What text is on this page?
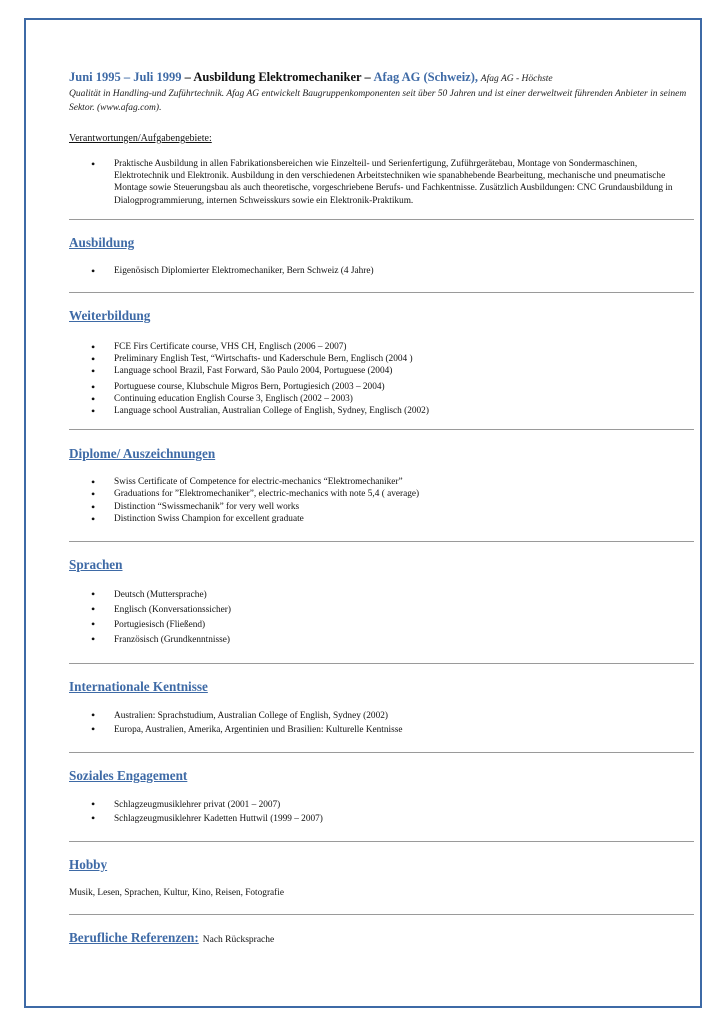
Juni 1995 – Juli 1999 – Ausbildung Elektromechaniker – Afag AG (Schweiz), Afag AG - Höchste

Qualität in Handling-und Zuführtechnik. Afag AG entwickelt Baugruppenkomponenten seit über 50 Jahren und ist einer derweltweit führenden Anbieter in seinem Sektor. (www.afag.com).
Verantwortungen/Aufgabengebiete:
• Praktische Ausbildung in allen Fabrikationsbereichen wie Einzelteil- und Serienfertigung, Zuführgerätebau, Montage von Sondermaschinen, Elektrotechnik und Elektronik. Ausbildung in den verschiedenen Arbeitstechniken wie spanabhebende Bearbeitung, mechanische und pneumatische Montage sowie Steuerungsbau als auch theoretische, vorgeschriebene Berufs- und Fachkentnisse. Zusätzlich Ausbildungen: CNC Grundausbildung in Dialogprogrammierung, internen Schweisskurs sowie ein Elektronik-Praktikum.

Ausbildung

• Eigenösisch Diplomierter Elektromechaniker, Bern Schweiz (4 Jahre)

Weiterbildung

• FCE Firs Certificate course, VHS CH, Englisch (2006 – 2007)
• Preliminary English Test, “Wirtschafts- und Kaderschule Bern, Englisch (2004 )
• Language school Brazil, Fast Forward, São Paulo 2004, Portuguese (2004)
• Portuguese course, Klubschule Migros Bern, Portugiesich (2003 – 2004)
• Continuing education English Course 3, Englisch (2002 – 2003)
• Language school Australian, Australian College of English, Sydney, Englisch (2002)

Diplome/ Auszeichnungen

• Swiss Certificate of Competence for electric-mechanics “Elektromechaniker”
• Graduations for ”Elektromechaniker”, electric-mechanics with note 5,4 ( average)
• Distinction “Swissmechanik” for very well works
• Distinction Swiss Champion for excellent graduate

Sprachen

• Deutsch (Muttersprache)
• Englisch (Konversationssicher)
• Portugiesisch (Fließend)
• Französisch (Grundkenntnisse)

Internationale Kentnisse

• Australien: Sprachstudium, Australian College of English, Sydney (2002)
• Europa, Australien, Amerika, Argentinien und Brasilien: Kulturelle Kentnisse

Soziales Engagement

• Schlagzeugmusiklehrer privat (2001 – 2007)
• Schlagzeugmusiklehrer Kadetten Huttwil (1999 – 2007)

Hobby

Musik, Lesen, Sprachen, Kultur, Kino, Reisen, Fotografie
Berufliche Referenzen: Nach Rücksprache
